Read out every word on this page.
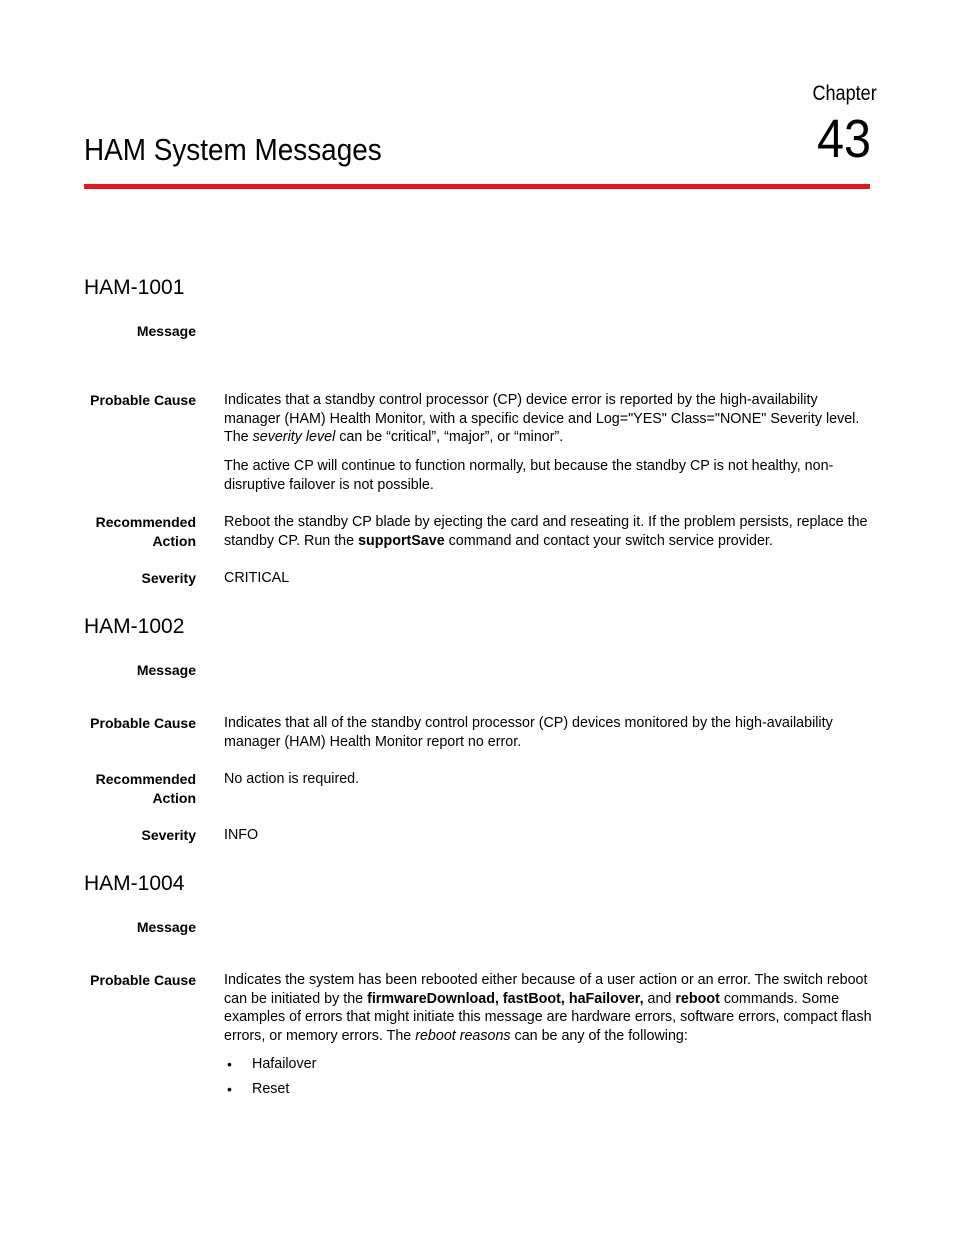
Chapter
43
HAM System Messages
HAM-1001
Message
Probable Cause Indicates that a standby control processor (CP) device error is reported by the high-availability manager (HAM) Health Monitor, with a specific device and Log="YES" Class="NONE" Severity level. The severity level can be “critical”, “major”, or “minor”.

The active CP will continue to function normally, but because the standby CP is not healthy, non-disruptive failover is not possible.

Recommended
Action

Reboot the standby CP blade by ejecting the card and reseating it. If the problem persists, replace the standby CP. Run the supportSave command and contact your switch service provider.

Severity CRITICAL

HAM-1002
Message
Probable Cause Indicates that all of the standby control processor (CP) devices monitored by the high-availability manager (HAM) Health Monitor report no error.

Recommended
Action

No action is required.

Severity INFO

HAM-1004
Message
Probable Cause Indicates the system has been rebooted either because of a user action or an error. The switch reboot can be initiated by the firmwareDownload, fastBoot, haFailover, and reboot commands. Some examples of errors that might initiate this message are hardware errors, software errors, compact flash errors, or memory errors. The reboot reasons can be any of the following:

• Hafailover
• Reset
